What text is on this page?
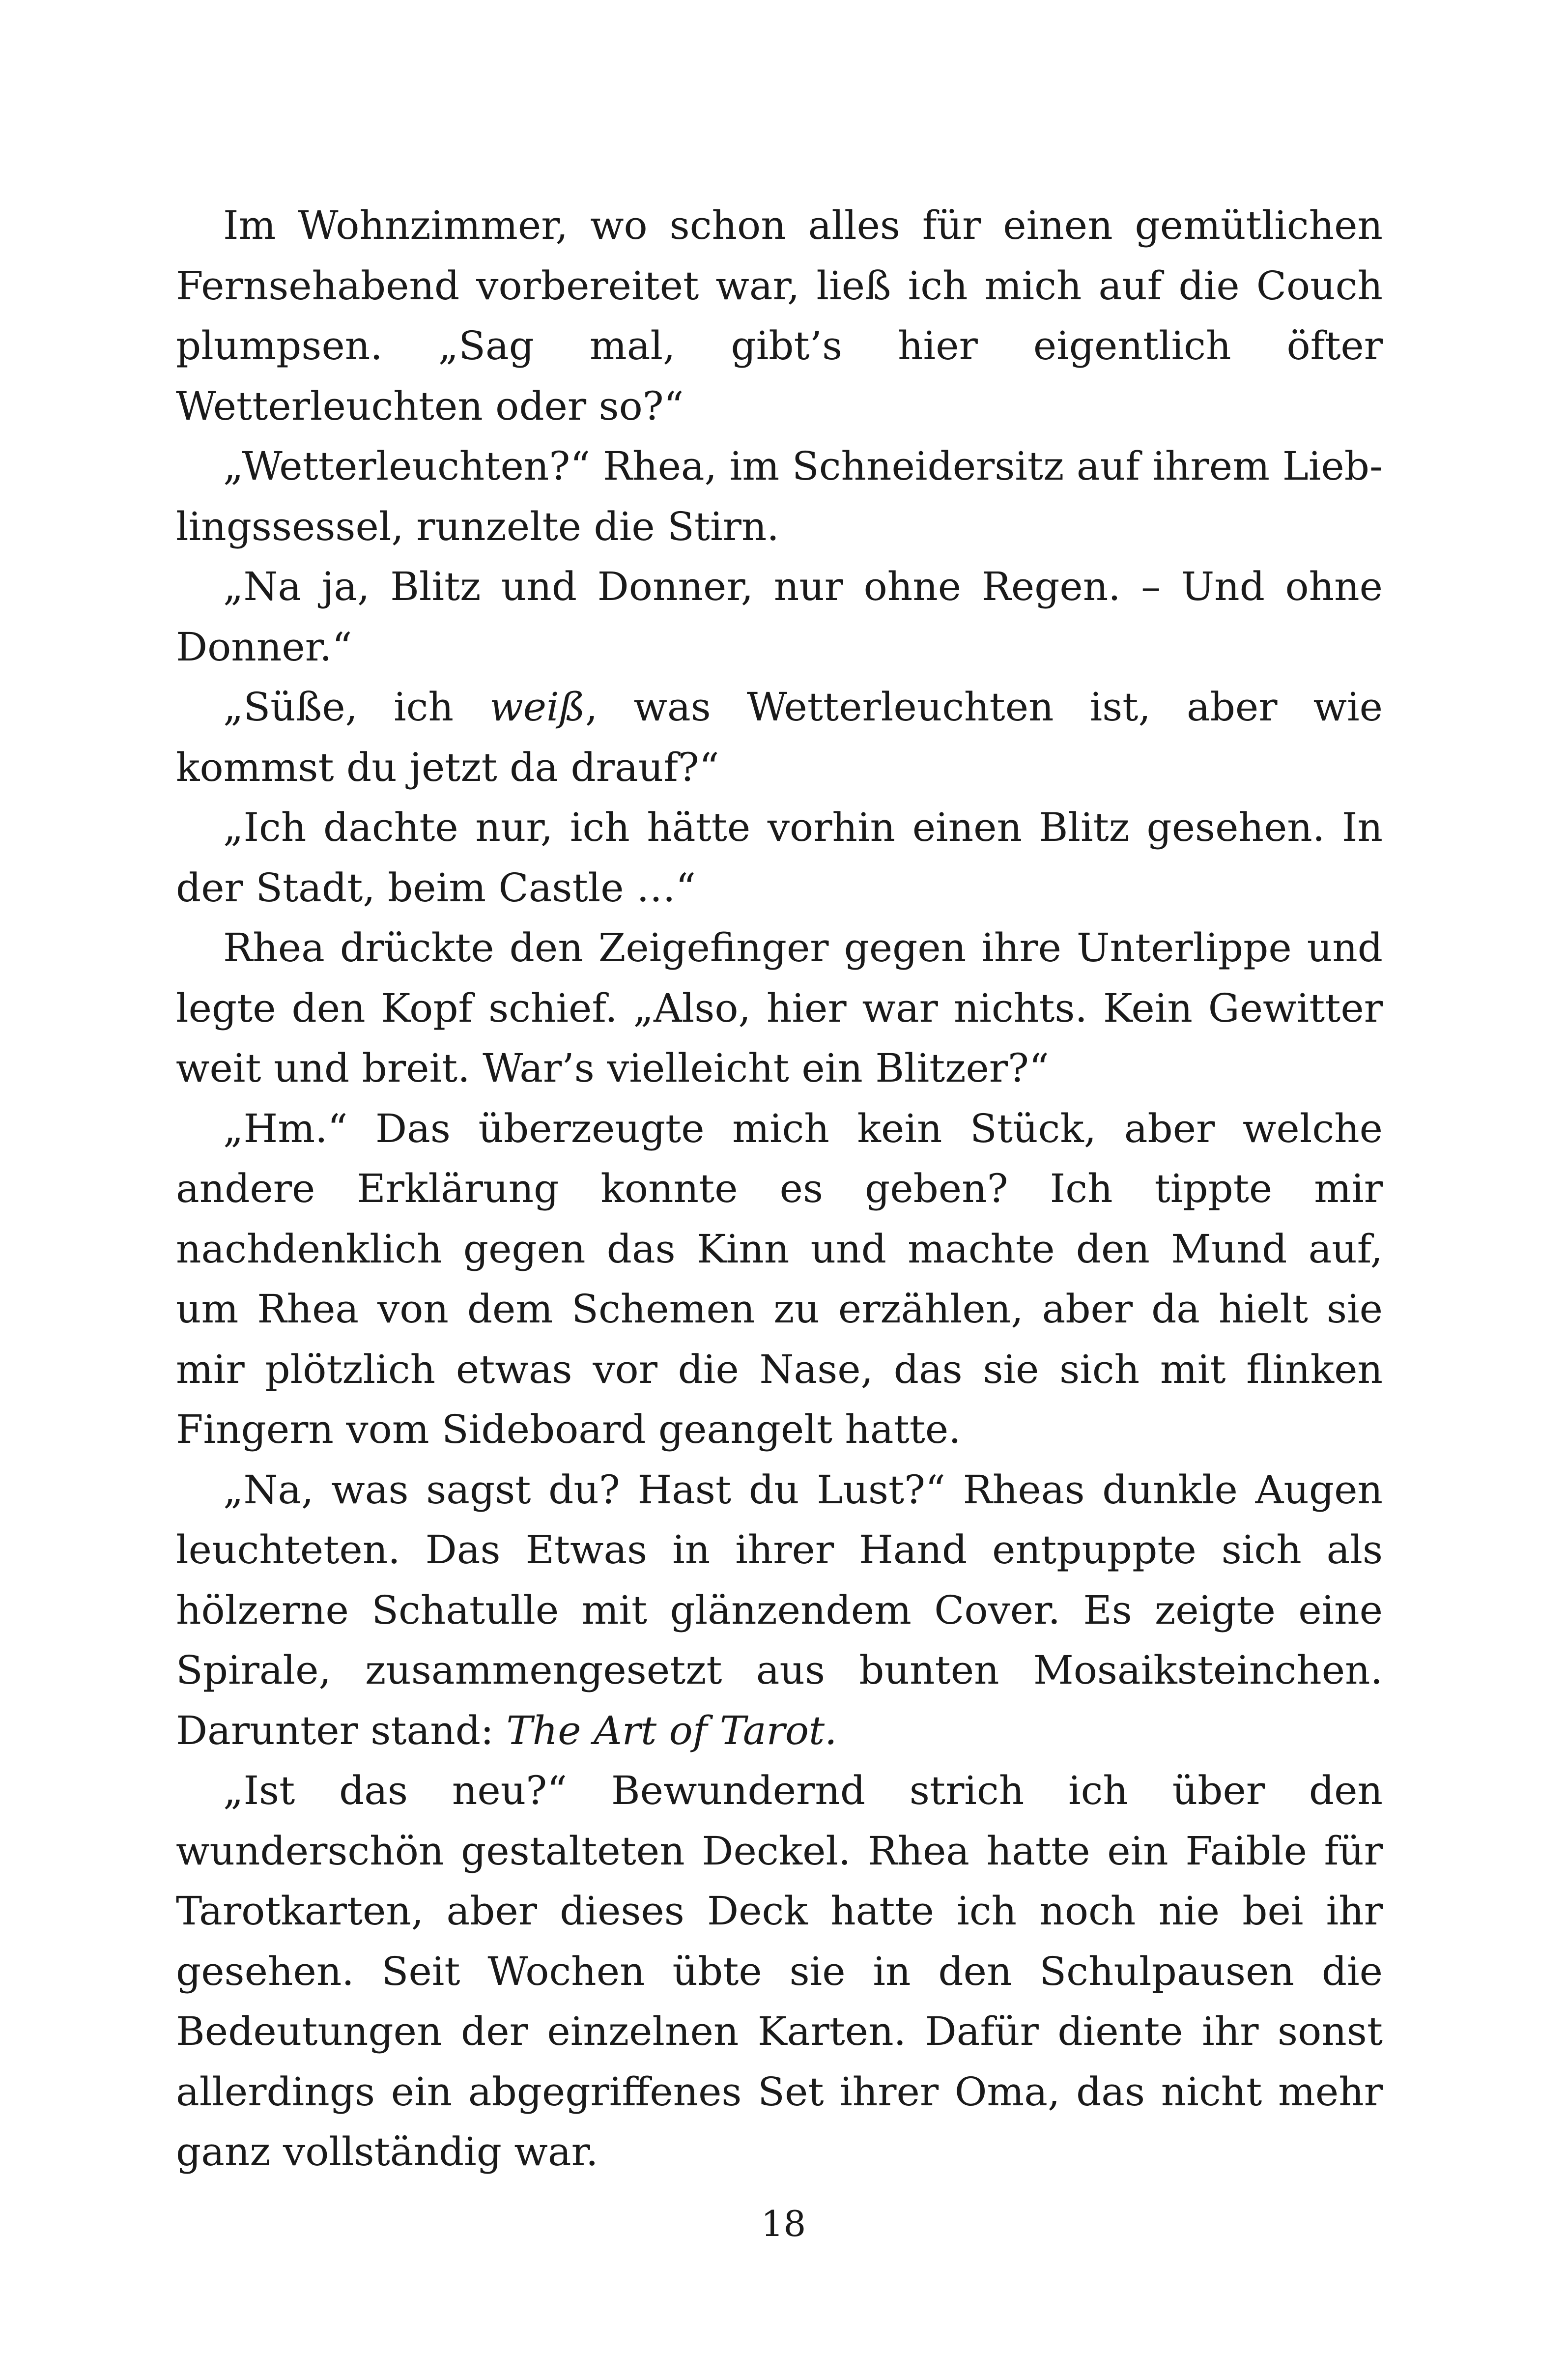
Im Wohnzimmer, wo schon alles für einen gemütlichen Fernsehabend vorbereitet war, ließ ich mich auf die Couch plumpsen. „Sag mal, gibt’s hier eigentlich öfter Wetterleuchten oder so?“

„Wetterleuchten?“ Rhea, im Schneidersitz auf ihrem Lieblingssessel, runzelte die Stirn.

„Na ja, Blitz und Donner, nur ohne Regen. – Und ohne Donner.“

„Süße, ich weiß, was Wetterleuchten ist, aber wie kommst du jetzt da drauf?“

„Ich dachte nur, ich hätte vorhin einen Blitz gesehen. In der Stadt, beim Castle …“

Rhea drückte den Zeigefinger gegen ihre Unterlippe und legte den Kopf schief. „Also, hier war nichts. Kein Gewitter weit und breit. War’s vielleicht ein Blitzer?“

„Hm.“ Das überzeugte mich kein Stück, aber welche andere Erklärung konnte es geben? Ich tippte mir nachdenklich gegen das Kinn und machte den Mund auf, um Rhea von dem Schemen zu erzählen, aber da hielt sie mir plötzlich etwas vor die Nase, das sie sich mit flinken Fingern vom Sideboard geangelt hatte.

„Na, was sagst du? Hast du Lust?“ Rheas dunkle Augen leuchteten. Das Etwas in ihrer Hand entpuppte sich als hölzerne Schatulle mit glänzendem Cover. Es zeigte eine Spirale, zusammengesetzt aus bunten Mosaiksteinchen. Darunter stand: The Art of Tarot.

„Ist das neu?“ Bewundernd strich ich über den wunderschön gestalteten Deckel. Rhea hatte ein Faible für Tarotkarten, aber dieses Deck hatte ich noch nie bei ihr gesehen. Seit Wochen übte sie in den Schulpausen die Bedeutungen der einzelnen Karten. Dafür diente ihr sonst allerdings ein abgegriffenes Set ihrer Oma, das nicht mehr ganz vollständig war.

18
